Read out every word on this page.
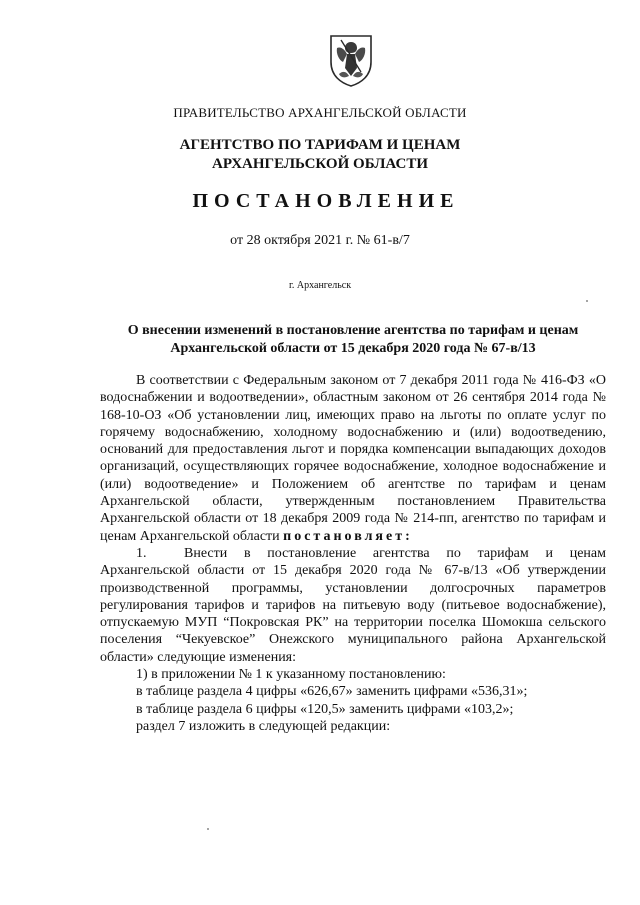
ПРАВИТЕЛЬСТВО АРХАНГЕЛЬСКОЙ ОБЛАСТИ
АГЕНТСТВО ПО ТАРИФАМ И ЦЕНАМ
АРХАНГЕЛЬСКОЙ ОБЛАСТИ
ПОСТАНОВЛЕНИЕ
от 28 октября 2021 г. № 61-в/7
г. Архангельск
О внесении изменений в постановление агентства по тарифам и ценам
Архангельской области от 15 декабря 2020 года № 67-в/13

В соответствии с Федеральным законом от 7 декабря 2011 года № 416-ФЗ «О водоснабжении и водоотведении», областным законом от 26 сентября 2014 года № 168-10-ОЗ «Об установлении лиц, имеющих право на льготы по оплате услуг по горячему водоснабжению, холодному водоснабжению и (или) водоотведению, оснований для предоставления льгот и порядка компенсации выпадающих доходов организаций, осуществляющих горячее водоснабжение, холодное водоснабжение и (или) водоотведение» и Положением об агентстве по тарифам и ценам Архангельской области, утвержденным постановлением Правительства Архангельской области от 18 декабря 2009 года № 214-пп, агентство по тарифам и ценам Архангельской области постановляет:

1.	Внести в постановление агентства по тарифам и ценам Архангельской области от 15 декабря 2020 года № 67-в/13 «Об утверждении производственной программы, установлении долгосрочных параметров регулирования тарифов и тарифов на питьевую воду (питьевое водоснабжение), отпускаемую МУП “Покровская РК” на территории поселка Шомокша сельского поселения “Чекуевское” Онежского муниципального района Архангельской области» следующие изменения:

1) в приложении № 1 к указанному постановлению:

в таблице раздела 4 цифры «626,67» заменить цифрами «536,31»;

в таблице раздела 6 цифры «120,5» заменить цифрами «103,2»;

раздел 7 изложить в следующей редакции:
